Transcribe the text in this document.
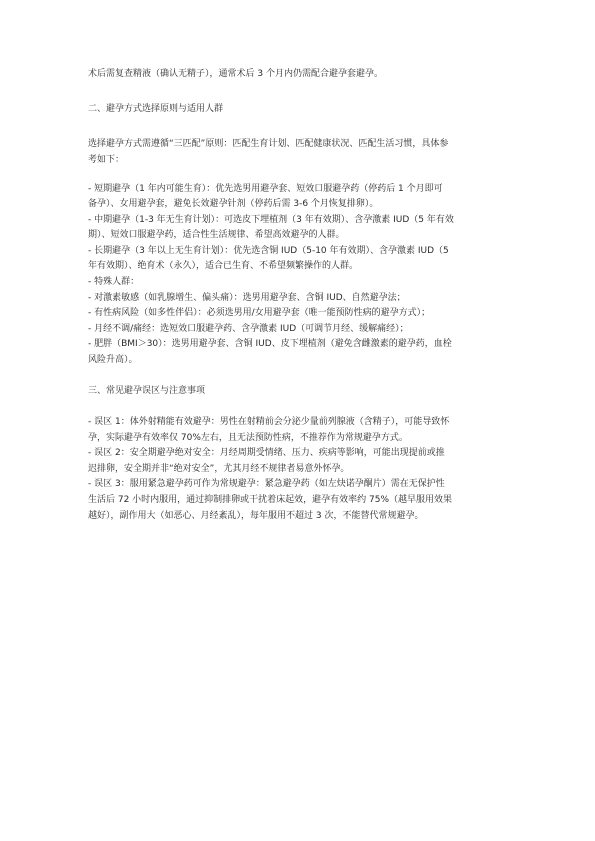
术后需复查精液（确认无精子），通常术后 3 个月内仍需配合避孕套避孕。
二、避孕方式选择原则与适用人群
选择避孕方式需遵循“三匹配”原则：匹配生育计划、匹配健康状况、匹配生活习惯，具体参
考如下：
- 短期避孕（1 年内可能生育）：优先选男用避孕套、短效口服避孕药（停药后 1 个月即可
备孕）、女用避孕套，避免长效避孕针剂（停药后需 3-6 个月恢复排卵）。
- 中期避孕（1-3 年无生育计划）：可选皮下埋植剂（3 年有效期）、含孕激素 IUD（5 年有效
期）、短效口服避孕药，适合性生活规律、希望高效避孕的人群。
- 长期避孕（3 年以上无生育计划）：优先选含铜 IUD（5-10 年有效期）、含孕激素 IUD（5
年有效期）、绝育术（永久），适合已生育、不希望频繁操作的人群。
- 特殊人群：
- 对激素敏感（如乳腺增生、偏头痛）：选男用避孕套、含铜 IUD、自然避孕法；
- 有性病风险（如多性伴侣）：必须选男用/女用避孕套（唯一能预防性病的避孕方式）；
- 月经不调/痛经：选短效口服避孕药、含孕激素 IUD（可调节月经、缓解痛经）；
- 肥胖（BMI＞30）：选男用避孕套、含铜 IUD、皮下埋植剂（避免含雌激素的避孕药，血栓
风险升高）。
三、常见避孕误区与注意事项
- 误区 1：体外射精能有效避孕：男性在射精前会分泌少量前列腺液（含精子），可能导致怀
孕，实际避孕有效率仅 70%左右，且无法预防性病，不推荐作为常规避孕方式。
- 误区 2：安全期避孕绝对安全：月经周期受情绪、压力、疾病等影响，可能出现提前或推
迟排卵，安全期并非“绝对安全”，尤其月经不规律者易意外怀孕。
- 误区 3：服用紧急避孕药可作为常规避孕：紧急避孕药（如左炔诺孕酮片）需在无保护性
生活后 72 小时内服用，通过抑制排卵或干扰着床起效，避孕有效率约 75%（越早服用效果
越好），副作用大（如恶心、月经紊乱），每年服用不超过 3 次，不能替代常规避孕。
